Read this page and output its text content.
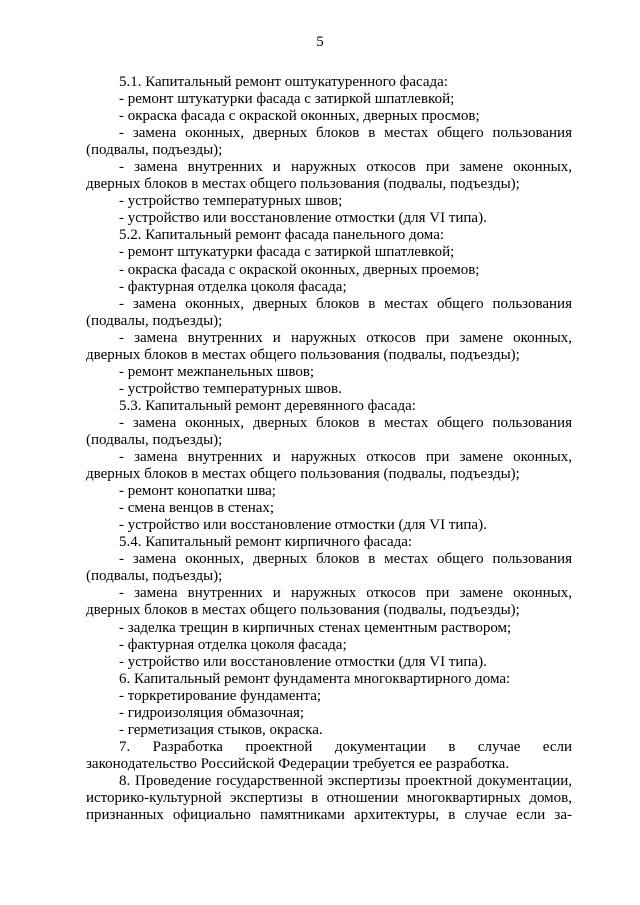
5

5.1. Капитальный ремонт оштукатуренного фасада:

- ремонт штукатурки фасада с затиркой шпатлевкой;

- окраска фасада с окраской оконных, дверных просмов;

- замена оконных, дверных блоков в местах общего пользования (подвалы, подъезды);

- замена внутренних и наружных откосов при замене оконных, дверных блоков в местах общего пользования (подвалы, подъезды);

- устройство температурных швов;

- устройство или восстановление отмостки (для VI типа).

5.2. Капитальный ремонт фасада панельного дома:

- ремонт штукатурки фасада с затиркой шпатлевкой;

- окраска фасада с окраской оконных, дверных проемов;

- фактурная отделка цоколя фасада;

- замена оконных, дверных блоков в местах общего пользования (подвалы, подъезды);

- замена внутренних и наружных откосов при замене оконных, дверных блоков в местах общего пользования (подвалы, подъезды);

- ремонт межпанельных швов;

- устройство температурных швов.

5.3. Капитальный ремонт деревянного фасада:

- замена оконных, дверных блоков в местах общего пользования (подвалы, подъезды);

- замена внутренних и наружных откосов при замене оконных, дверных блоков в местах общего пользования (подвалы, подъезды);

- ремонт конопатки шва;

- смена венцов в стенах;

- устройство или восстановление отмостки (для VI типа).

5.4. Капитальный ремонт кирпичного фасада:

- замена оконных, дверных блоков в местах общего пользования (подвалы, подъезды);

- замена внутренних и наружных откосов при замене оконных, дверных блоков в местах общего пользования (подвалы, подъезды);

- заделка трещин в кирпичных стенах цементным раствором;

- фактурная отделка цоколя фасада;

- устройство или восстановление отмостки (для VI типа).

6. Капитальный ремонт фундамента многоквартирного дома:

- торкретирование фундамента;

- гидроизоляция обмазочная;

- герметизация стыков, окраска.

7. Разработка проектной документации в случае если законодательство Российской Федерации требуется ее разработка.

8. Проведение государственной экспертизы проектной документации, историко-культурной экспертизы в отношении многоквартирных домов, признанных официально памятниками архитектуры, в случае если за-
